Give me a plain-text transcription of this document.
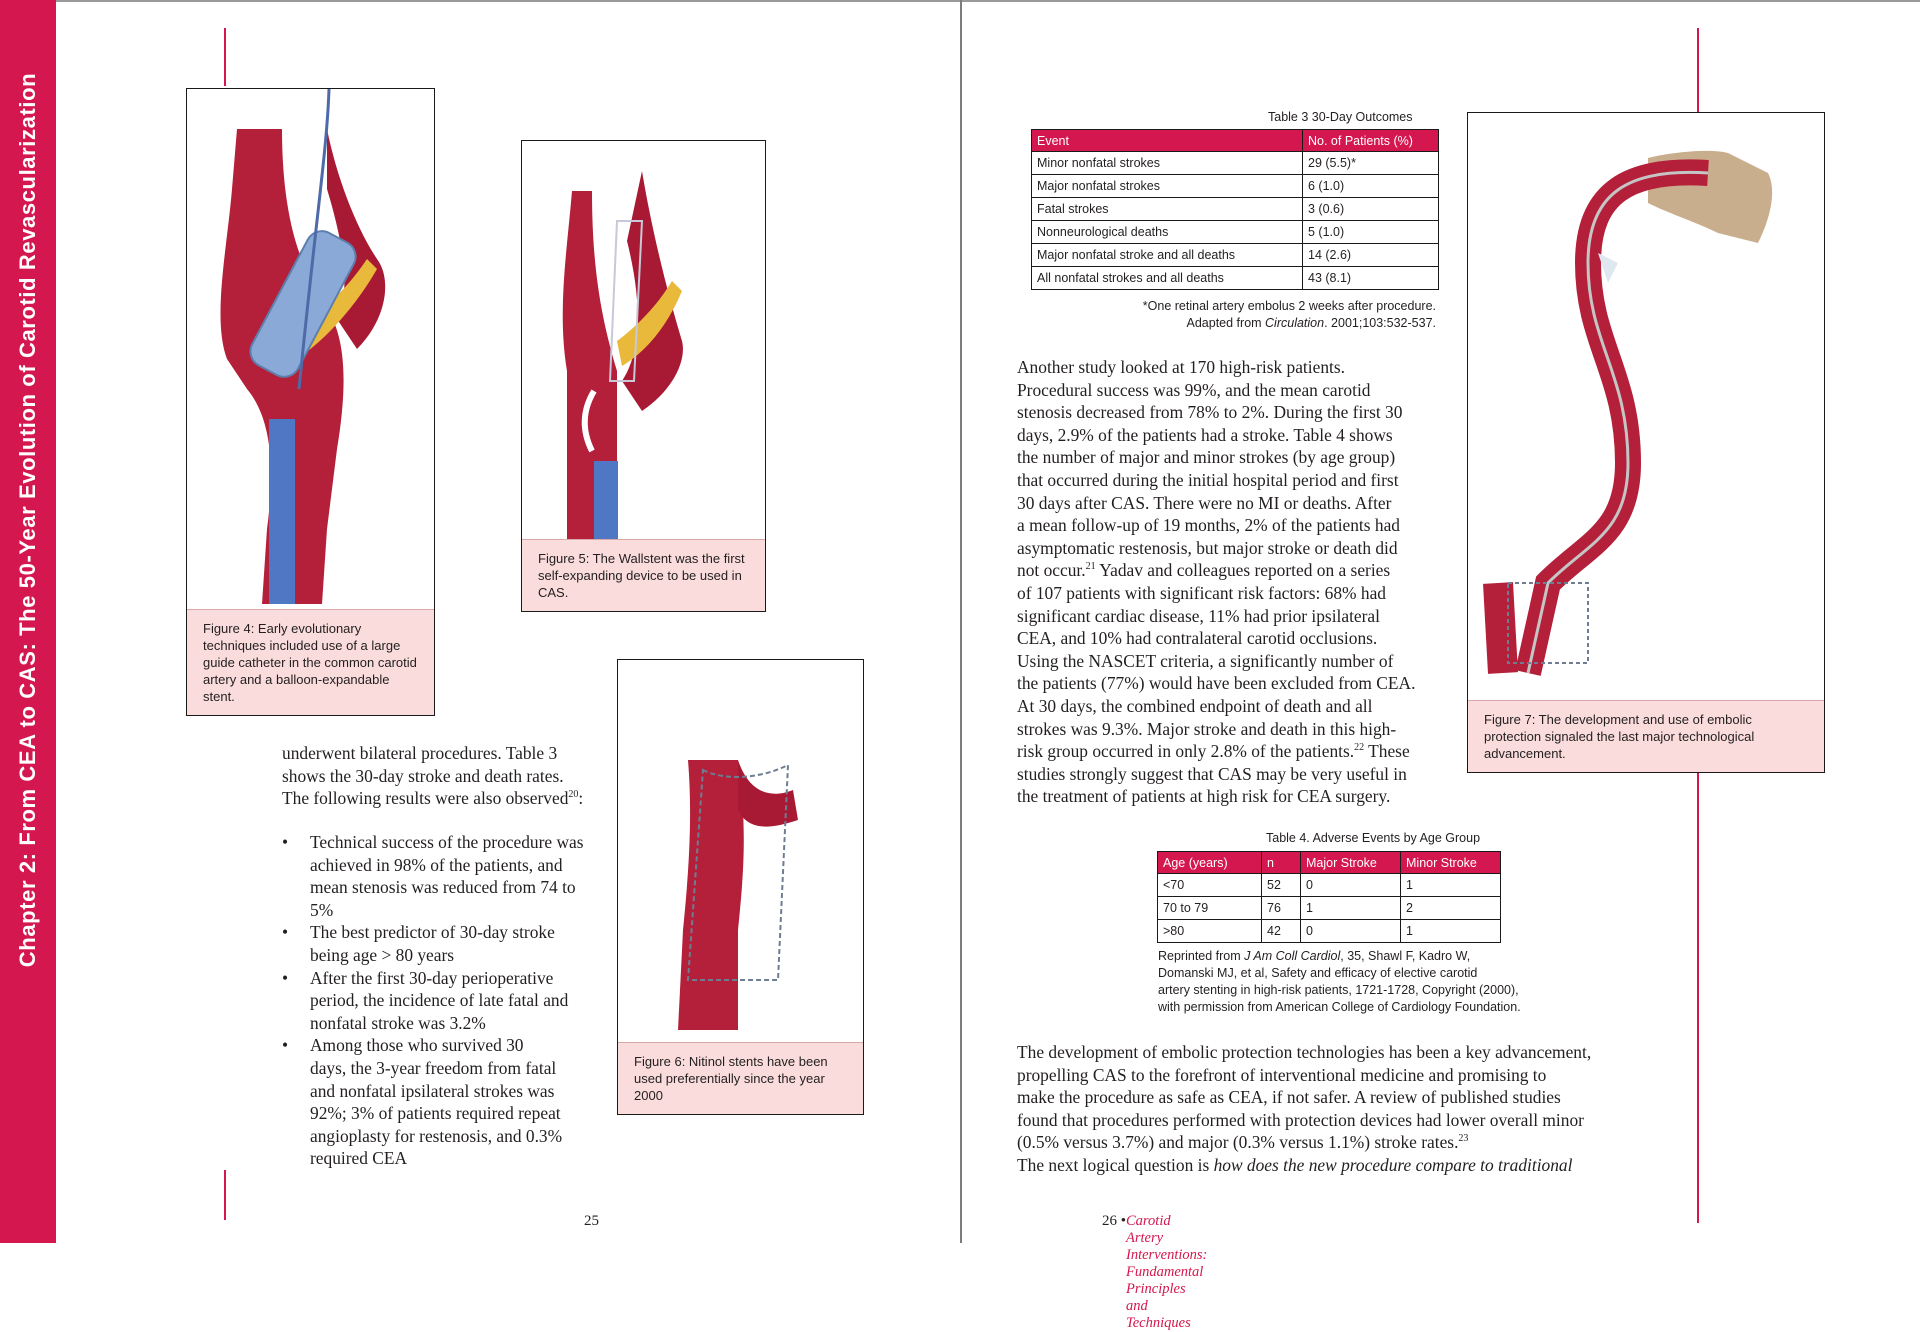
Chapter 2: From CEA to CAS: The 50-Year Evolution of Carotid Revascularization	Figure 4: Early evolutionary techniques included use of a large guide catheter in the common carotid artery and a balloon-expandable stent.
Figure 5: The Wallstent was the first self-expanding device to be used in CAS.
Figure 6: Nitinol stents have been used preferentially since the year 2000
Figure 7: The development and use of embolic protection signaled the last major technological advancement.
underwent bilateral procedures. Table 3
shows the 30-day stroke and death rates.
The following results were also observed$^{20}$:
• Technical success of the procedure was
achieved in 98% of the patients, and
mean stenosis was reduced from 74 to
5%
• The best predictor of 30-day stroke
being age > 80 years
• After the first 30-day perioperative
period, the incidence of late fatal and
nonfatal stroke was 3.2%
• Among those who survived 30
days, the 3-year freedom from fatal
and nonfatal ipsilateral strokes was
92%; 3% of patients required repeat
angioplasty for restenosis, and 0.3%
required CEA
25
Table 3 30-Day Outcomes
Event	No. of Patients (%)
Minor nonfatal strokes	29 (5.5)*
Major nonfatal strokes	6 (1.0)
Fatal strokes	3 (0.6)
Nonneurological deaths	5 (1.0)
Major nonfatal stroke and all deaths	14 (2.6)
All nonfatal strokes and all deaths	43 (8.1)
*One retinal artery embolus 2 weeks after procedure.
Adapted from Circulation. 2001;103:532-537.
Another study looked at 170 high-risk patients.
Procedural success was 99%, and the mean carotid
stenosis decreased from 78% to 2%. During the first 30
days, 2.9% of the patients had a stroke. Table 4 shows
the number of major and minor strokes (by age group)
that occurred during the initial hospital period and first
30 days after CAS. There were no MI or deaths. After
a mean follow-up of 19 months, 2% of the patients had
asymptomatic restenosis, but major stroke or death did
not occur.$^{21}$ Yadav and colleagues reported on a series
of 107 patients with significant risk factors: 68% had
significant cardiac disease, 11% had prior ipsilateral
CEA, and 10% had contralateral carotid occlusions.
Using the NASCET criteria, a significantly number of
the patients (77%) would have been excluded from CEA.
At 30 days, the combined endpoint of death and all
strokes was 9.3%. Major stroke and death in this high-
risk group occurred in only 2.8% of the patients.$^{22}$ These
studies strongly suggest that CAS may be very useful in
the treatment of patients at high risk for CEA surgery.
Table 4. Adverse Events by Age Group
Age (years)	n	Major Stroke	Minor Stroke
<70	52	0	1
70 to 79	76	1	2
>80	42	0	1
Reprinted from J Am Coll Cardiol, 35, Shawl F, Kadro W,
Domanski MJ, et al, Safety and efficacy of elective carotid
artery stenting in high-risk patients, 1721-1728, Copyright (2000),
with permission from American College of Cardiology Foundation.
The development of embolic protection technologies has been a key advancement,
propelling CAS to the forefront of interventional medicine and promising to
make the procedure as safe as CEA, if not safer. A review of published studies
found that procedures performed with protection devices had lower overall minor
(0.5% versus 3.7%) and major (0.3% versus 1.1%) stroke rates.$^{23}$
The next logical question is how does the new procedure compare to traditional
26 • Carotid Artery Interventions: Fundamental Principles and Techniques
